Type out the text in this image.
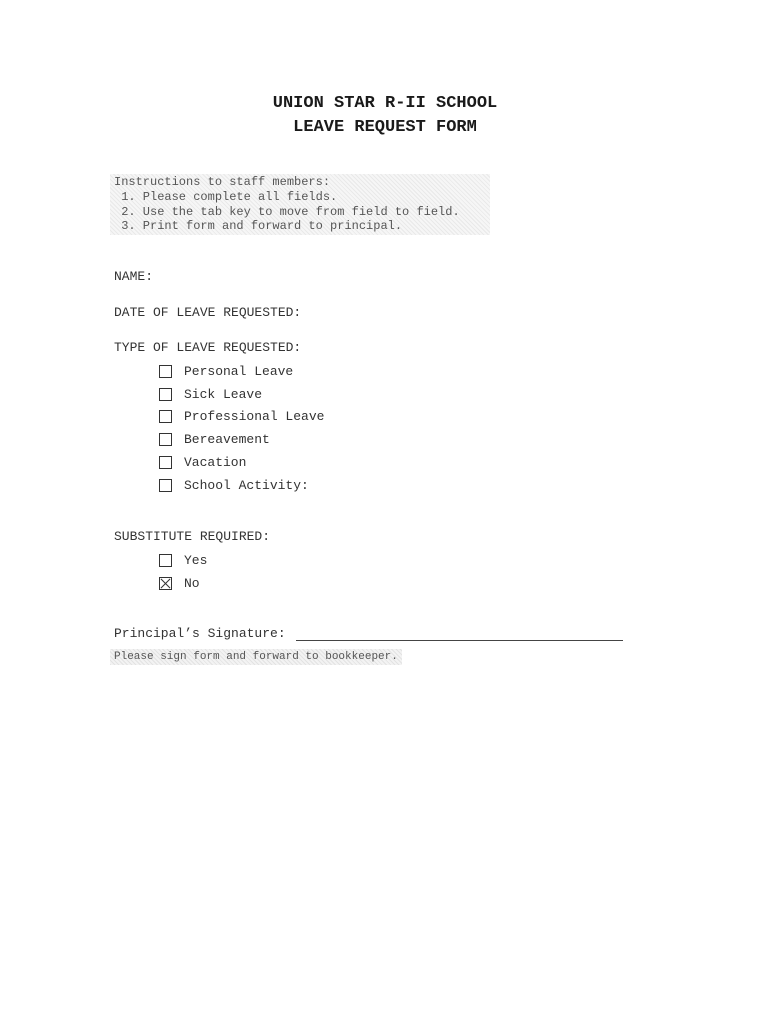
UNION STAR R-II SCHOOL
LEAVE REQUEST FORM
Instructions to staff members:
1. Please complete all fields.
2. Use the tab key to move from field to field.
3. Print form and forward to principal.
NAME:
DATE OF LEAVE REQUESTED:
TYPE OF LEAVE REQUESTED:
Personal Leave
Sick Leave
Professional Leave
Bereavement
Vacation
School Activity:
SUBSTITUTE REQUIRED:
Yes
No
Principal’s Signature:
Please sign form and forward to bookkeeper.
